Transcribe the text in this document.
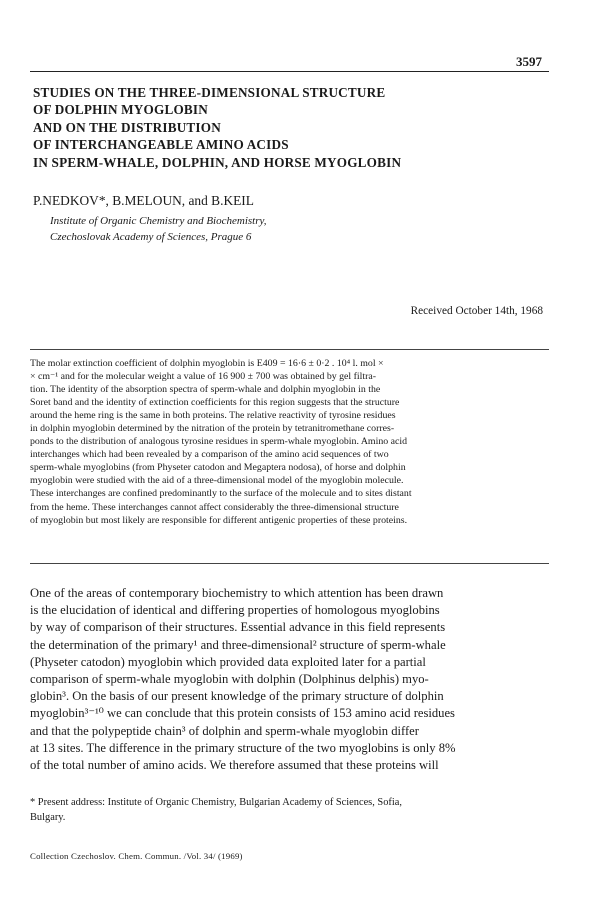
3597
STUDIES ON THE THREE-DIMENSIONAL STRUCTURE
OF DOLPHIN MYOGLOBIN
AND ON THE DISTRIBUTION
OF INTERCHANGEABLE AMINO ACIDS
IN SPERM-WHALE, DOLPHIN, AND HORSE MYOGLOBIN
P.NEDKOV*, B.MELOUN, and B.KEIL
Institute of Organic Chemistry and Biochemistry,
Czechoslovak Academy of Sciences, Prague 6
Received October 14th, 1968
The molar extinction coefficient of dolphin myoglobin is E409 = 16·6 ± 0·2 . 10⁴ l. mol ×
× cm⁻¹ and for the molecular weight a value of 16 900 ± 700 was obtained by gel filtra-
tion. The identity of the absorption spectra of sperm-whale and dolphin myoglobin in the
Soret band and the identity of extinction coefficients for this region suggests that the structure
around the heme ring is the same in both proteins. The relative reactivity of tyrosine residues
in dolphin myoglobin determined by the nitration of the protein by tetranitromethane corres-
ponds to the distribution of analogous tyrosine residues in sperm-whale myoglobin. Amino acid
interchanges which had been revealed by a comparison of the amino acid sequences of two
sperm-whale myoglobins (from Physeter catodon and Megaptera nodosa), of horse and dolphin
myoglobin were studied with the aid of a three-dimensional model of the myoglobin molecule.
These interchanges are confined predominantly to the surface of the molecule and to sites distant
from the heme. These interchanges cannot affect considerably the three-dimensional structure
of myoglobin but most likely are responsible for different antigenic properties of these proteins.
One of the areas of contemporary biochemistry to which attention has been drawn
is the elucidation of identical and differing properties of homologous myoglobins
by way of comparison of their structures. Essential advance in this field represents
the determination of the primary¹ and three-dimensional² structure of sperm-whale
(Physeter catodon) myoglobin which provided data exploited later for a partial
comparison of sperm-whale myoglobin with dolphin (Dolphinus delphis) myo-
globin³. On the basis of our present knowledge of the primary structure of dolphin
myoglobin³⁻¹⁰ we can conclude that this protein consists of 153 amino acid residues
and that the polypeptide chain³ of dolphin and sperm-whale myoglobin differ
at 13 sites. The difference in the primary structure of the two myoglobins is only 8%
of the total number of amino acids. We therefore assumed that these proteins will
* Present address: Institute of Organic Chemistry, Bulgarian Academy of Sciences, Sofia,
Bulgary.
Collection Czechoslov. Chem. Commun. /Vol. 34/ (1969)
